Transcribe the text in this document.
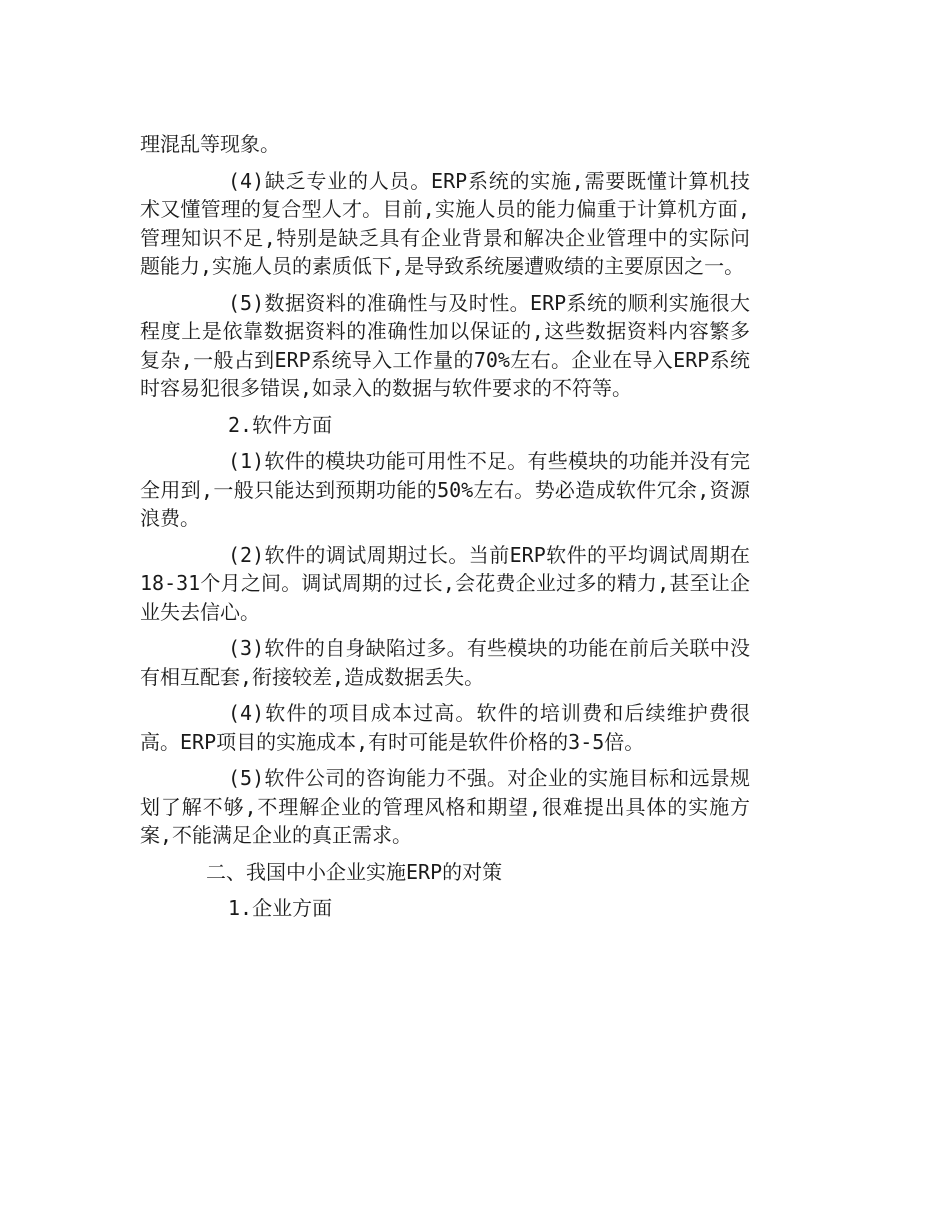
理混乱等现象。

(4)缺乏专业的人员。ERP系统的实施,需要既懂计算机技术又懂管理的复合型人才。目前,实施人员的能力偏重于计算机方面,管理知识不足,特别是缺乏具有企业背景和解决企业管理中的实际问题能力,实施人员的素质低下,是导致系统屡遭败绩的主要原因之一。

(5)数据资料的准确性与及时性。ERP系统的顺利实施很大程度上是依靠数据资料的准确性加以保证的,这些数据资料内容繁多复杂,一般占到ERP系统导入工作量的70%左右。企业在导入ERP系统时容易犯很多错误,如录入的数据与软件要求的不符等。

2.软件方面

(1)软件的模块功能可用性不足。有些模块的功能并没有完全用到,一般只能达到预期功能的50%左右。势必造成软件冗余,资源浪费。

(2)软件的调试周期过长。当前ERP软件的平均调试周期在18-31个月之间。调试周期的过长,会花费企业过多的精力,甚至让企业失去信心。

(3)软件的自身缺陷过多。有些模块的功能在前后关联中没有相互配套,衔接较差,造成数据丢失。

(4)软件的项目成本过高。软件的培训费和后续维护费很高。ERP项目的实施成本,有时可能是软件价格的3-5倍。

(5)软件公司的咨询能力不强。对企业的实施目标和远景规划了解不够,不理解企业的管理风格和期望,很难提出具体的实施方案,不能满足企业的真正需求。

二、我国中小企业实施ERP的对策

1.企业方面
